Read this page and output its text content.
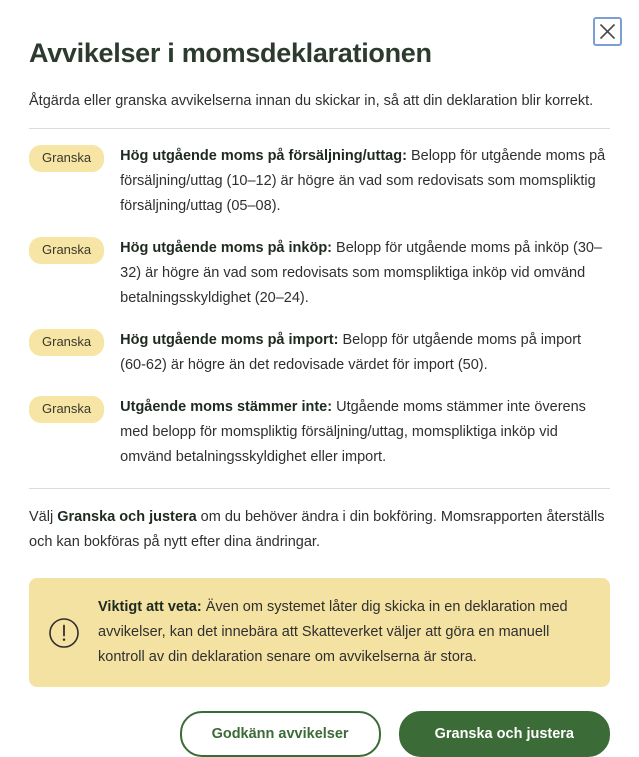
Avvikelser i momsdeklarationen

Åtgärda eller granska avvikelserna innan du skickar in, så att din deklaration blir korrekt.

Granska	Hög utgående moms på försäljning/uttag: Belopp för utgående moms på försäljning/uttag (10–12) är högre än vad som redovisats som momspliktig försäljning/uttag (05–08).
Granska	Hög utgående moms på inköp: Belopp för utgående moms på inköp (30–32) är högre än vad som redovisats som momspliktiga inköp vid omvänd betalningsskyldighet (20–24).
Granska	Hög utgående moms på import: Belopp för utgående moms på import (60-62) är högre än det redovisade värdet för import (50).
Granska	Utgående moms stämmer inte: Utgående moms stämmer inte överens med belopp för momspliktig försäljning/uttag, momspliktiga inköp vid omvänd betalningsskyldighet eller import.

Välj Granska och justera om du behöver ändra i din bokföring. Momsrapporten återställs och kan bokföras på nytt efter dina ändringar.

Viktigt att veta: Även om systemet låter dig skicka in en deklaration med avvikelser, kan det innebära att Skatteverket väljer att göra en manuell kontroll av din deklaration senare om avvikelserna är stora.
Godkänn avvikelser	Granska och justera
